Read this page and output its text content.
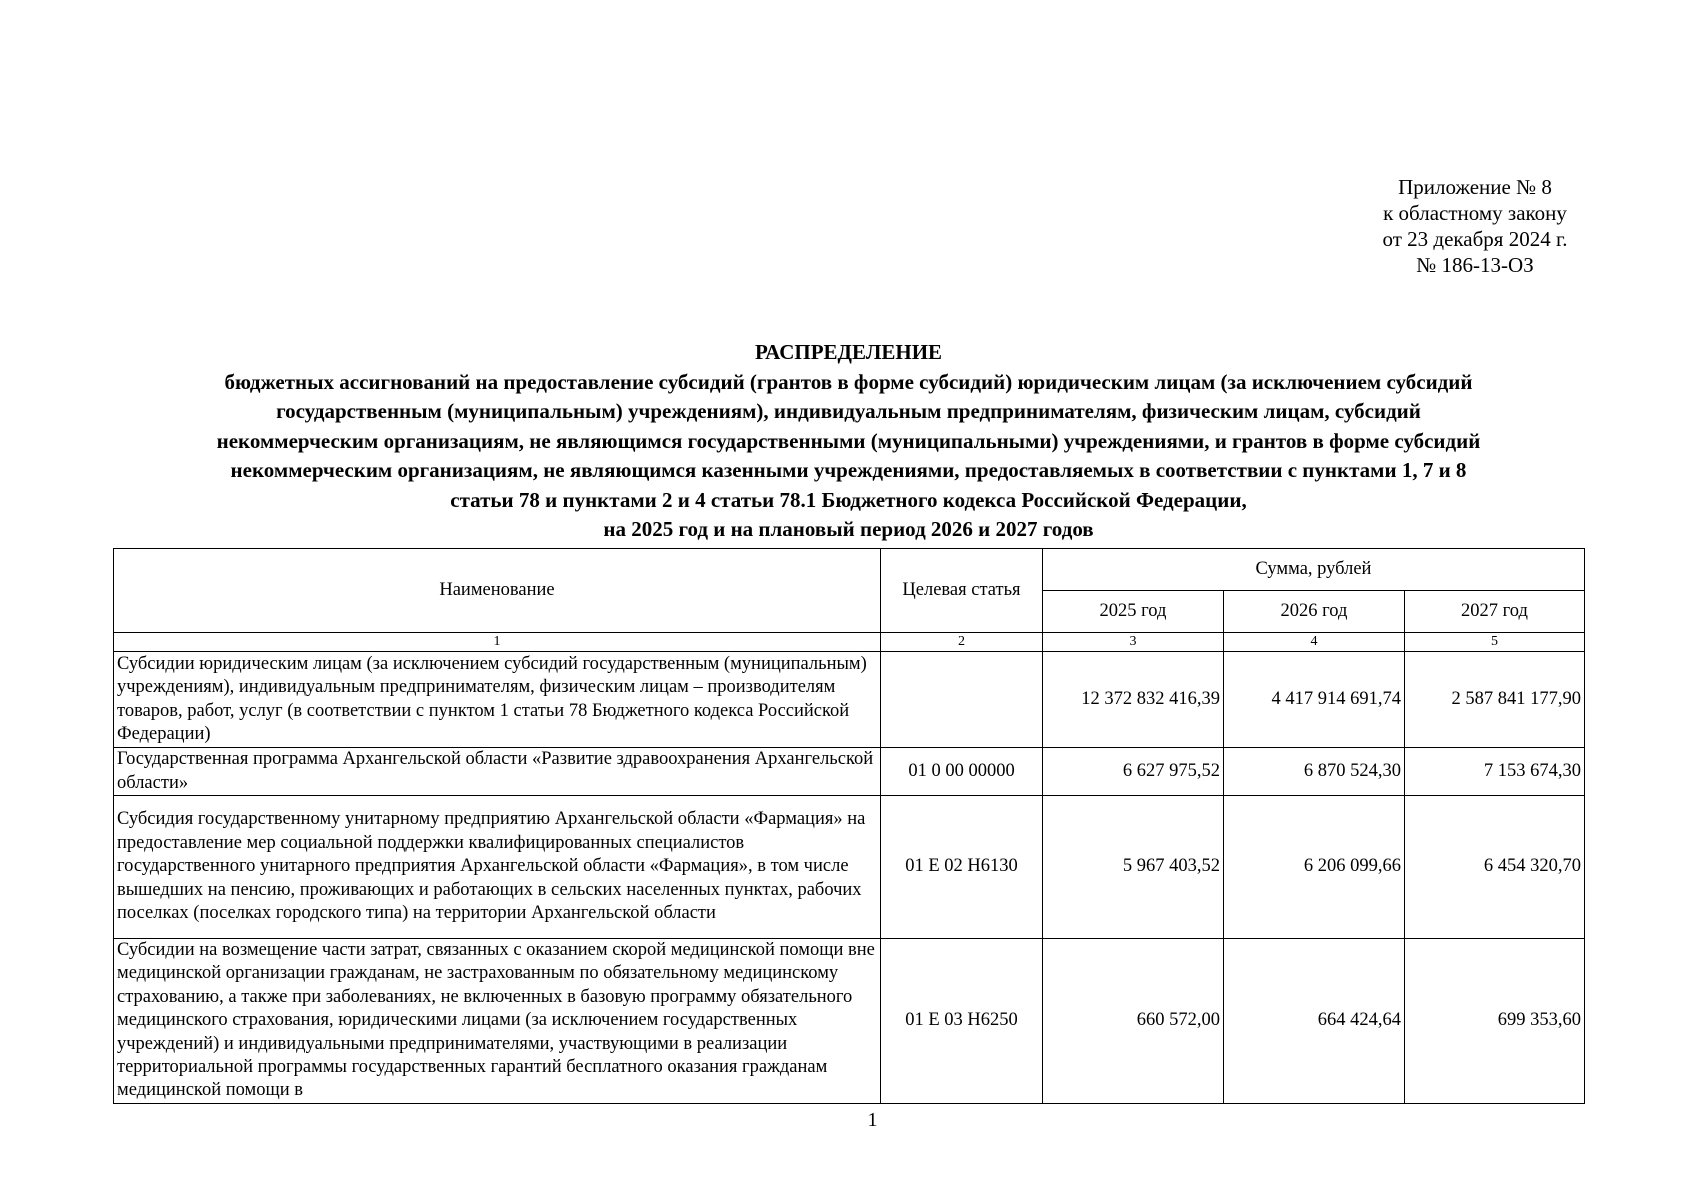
Приложение № 8
к областному закону
от 23 декабря 2024 г.
№ 186-13-ОЗ
РАСПРЕДЕЛЕНИЕ
бюджетных ассигнований на предоставление субсидий (грантов в форме субсидий) юридическим лицам (за исключением субсидий
государственным (муниципальным) учреждениям), индивидуальным предпринимателям, физическим лицам, субсидий
некоммерческим организациям, не являющимся государственными (муниципальными) учреждениями, и грантов в форме субсидий
некоммерческим организациям, не являющимся казенными учреждениями, предоставляемых в соответствии с пунктами 1, 7 и 8
статьи 78 и пунктами 2 и 4 статьи 78.1 Бюджетного кодекса Российской Федерации,
на 2025 год и на плановый период 2026 и 2027 годов
Наименование	Целевая статья	Сумма, рублей		
		2025 год	2026 год	2027 год
1	2	3	4	5
Субсидии юридическим лицам (за исключением субсидий государственным (муниципальным) учреждениям), индивидуальным предпринимателям, физическим лицам – производителям товаров, работ, услуг (в соответствии с пунктом 1 статьи 78 Бюджетного кодекса Российской Федерации)		12 372 832 416,39	4 417 914 691,74	2 587 841 177,90
Государственная программа Архангельской области «Развитие здравоохранения Архангельской области»	01 0 00 00000	6 627 975,52	6 870 524,30	7 153 674,30
Субсидия государственному унитарному предприятию Архангельской области «Фармация» на предоставление мер социальной поддержки квалифицированных специалистов государственного унитарного предприятия Архангельской области «Фармация», в том числе вышедших на пенсию, проживающих и работающих в сельских населенных пунктах, рабочих поселках (поселках городского типа) на территории Архангельской области	01 Е 02 Н6130	5 967 403,52	6 206 099,66	6 454 320,70
Субсидии на возмещение части затрат, связанных с оказанием скорой медицинской помощи вне медицинской организации гражданам, не застрахованным по обязательному медицинскому страхованию, а также при заболеваниях, не включенных в базовую программу обязательного медицинского страхования, юридическими лицами (за исключением государственных учреждений) и индивидуальными предпринимателями, участвующими в реализации территориальной программы государственных гарантий бесплатного оказания гражданам медицинской помощи в	01 Е 03 Н6250	660 572,00	664 424,64	699 353,60
1
